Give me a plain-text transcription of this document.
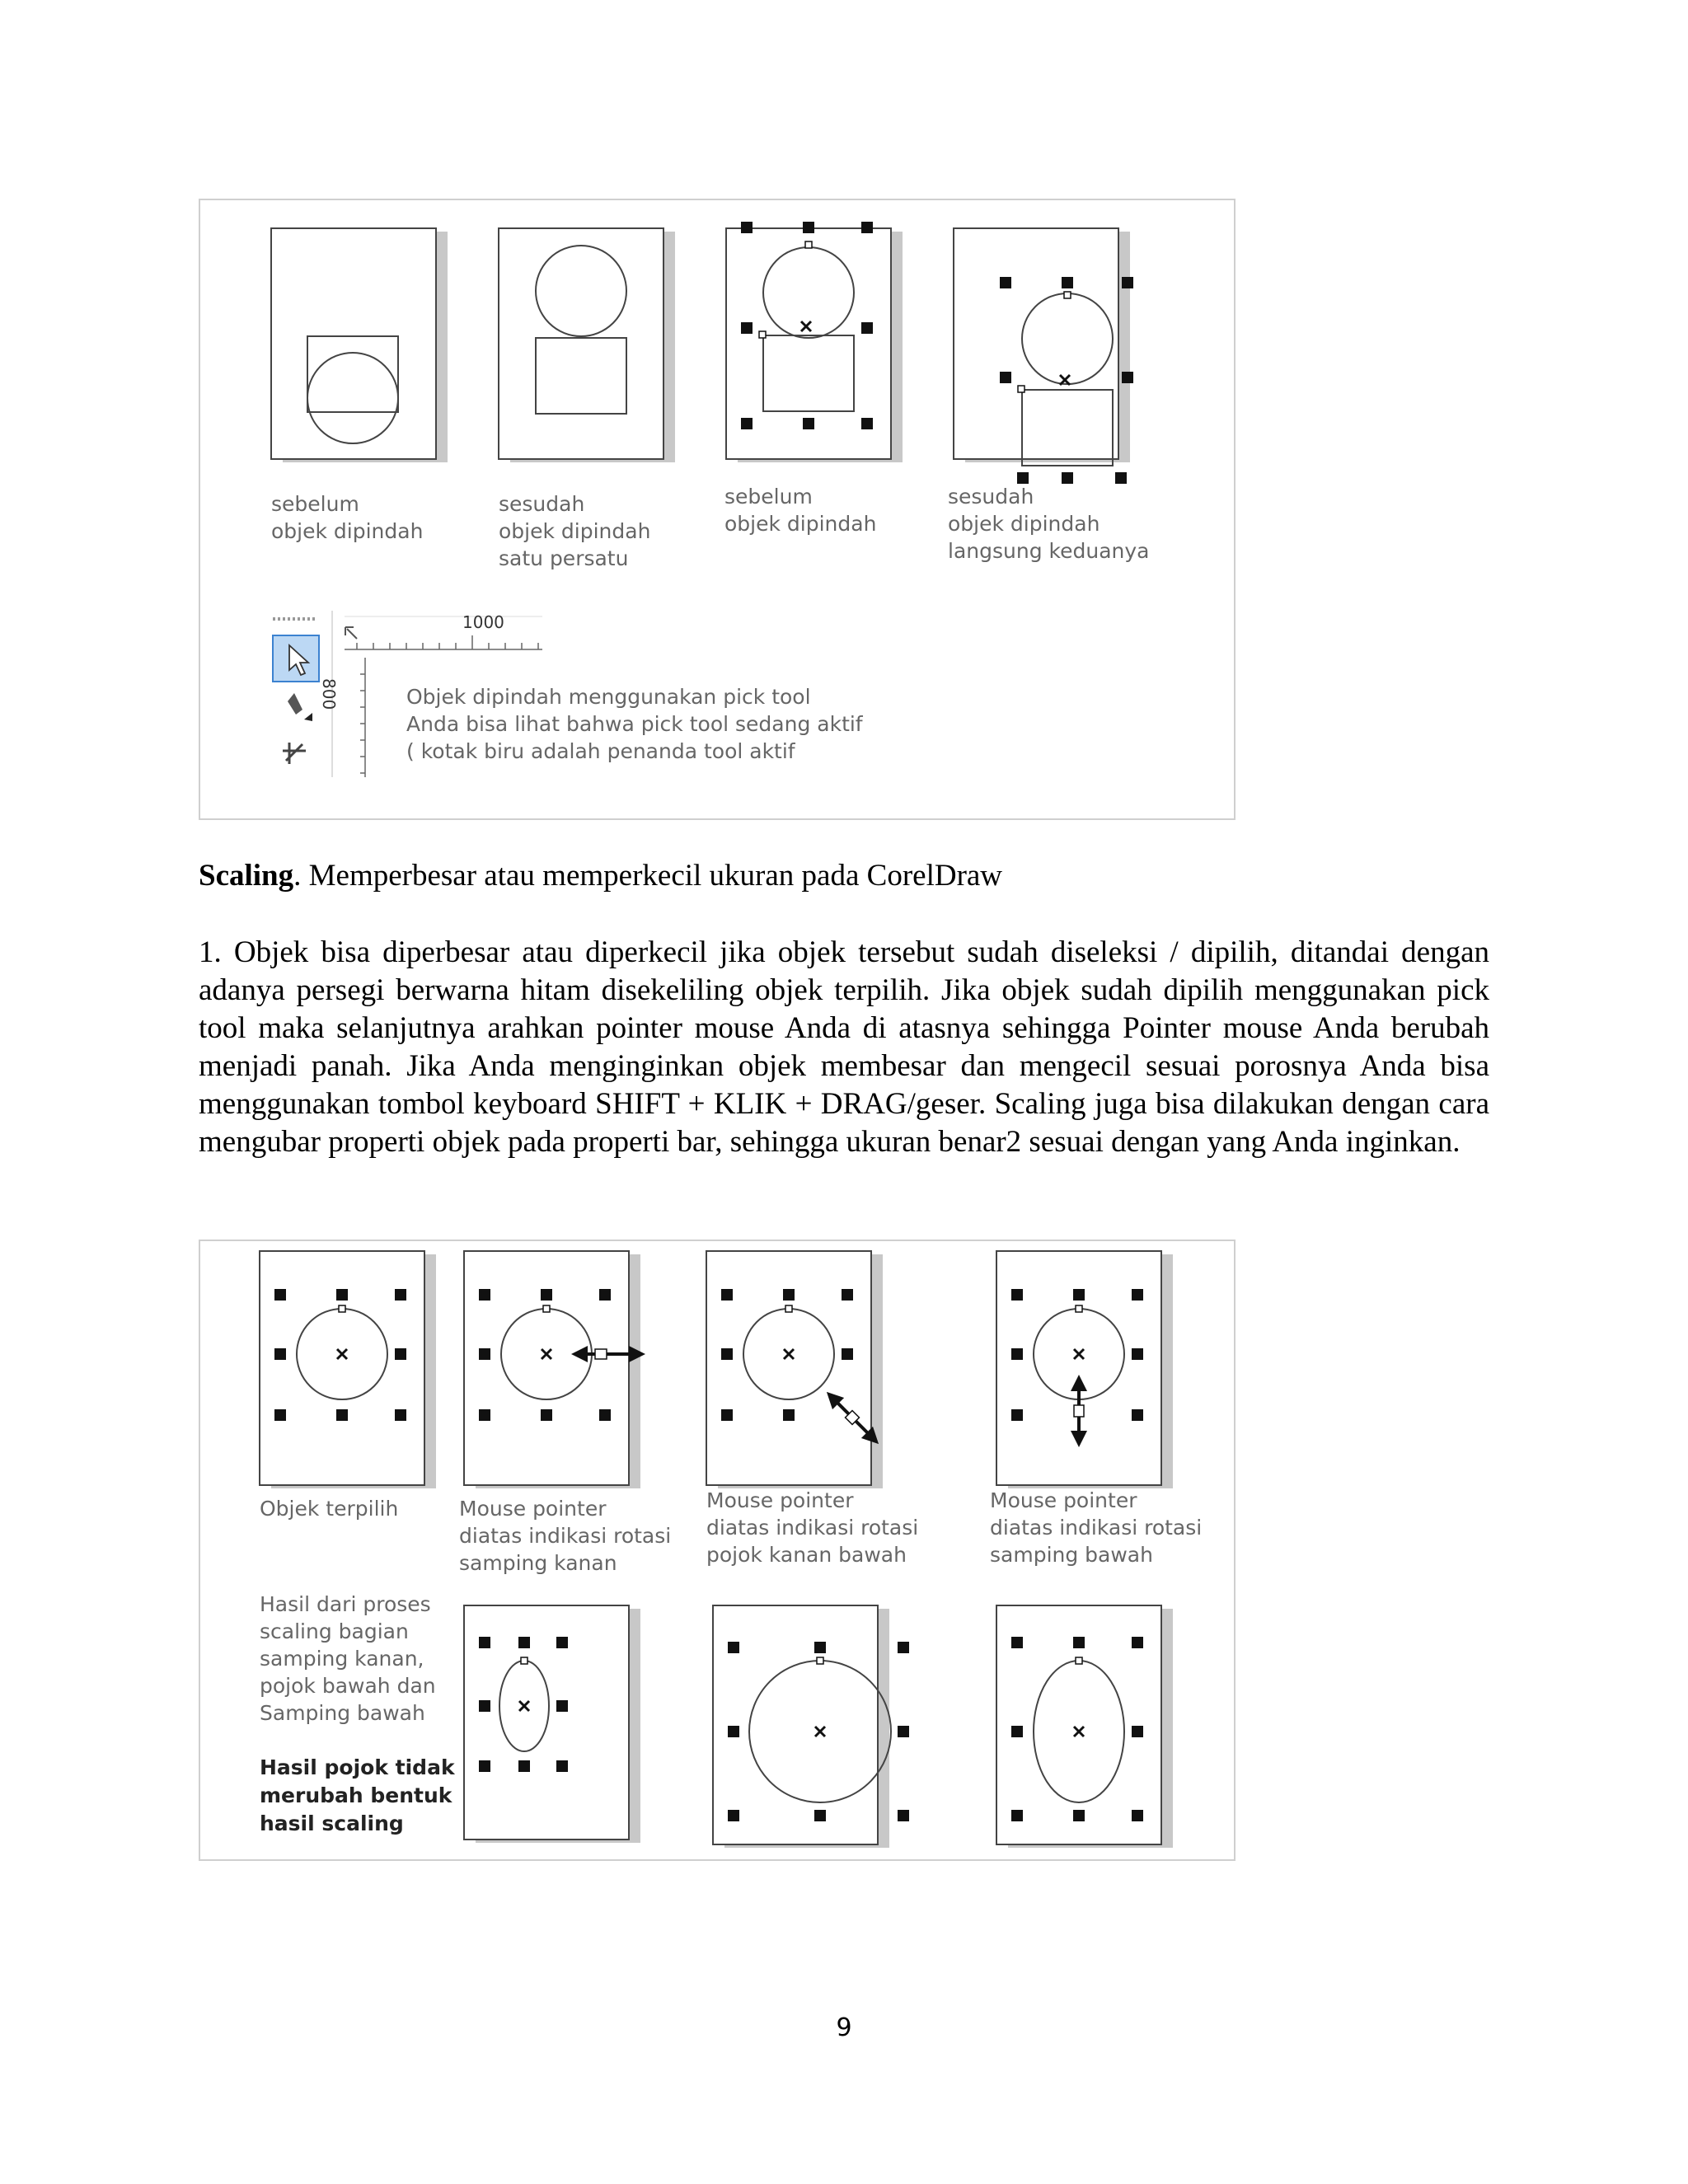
sebelum
objek dipindah
sesudah
objek dipindah
satu persatu
sebelum
objek dipindah
sesudah
objek dipindah
langsung keduanya
1000
800	Objek dipindah menggunakan pick tool
Anda bisa lihat bahwa pick tool sedang aktif
( kotak biru adalah penanda tool aktif
Scaling. Memperbesar atau memperkecil ukuran pada CorelDraw
1. Objek bisa diperbesar atau diperkecil jika objek tersebut sudah diseleksi / dipilih, ditandai dengan adanya persegi berwarna hitam disekeliling objek terpilih. Jika objek sudah dipilih menggunakan pick tool maka selanjutnya arahkan pointer mouse Anda di atasnya sehingga Pointer mouse Anda berubah menjadi panah. Jika Anda menginginkan objek membesar dan mengecil sesuai porosnya Anda bisa menggunakan tombol keyboard SHIFT + KLIK + DRAG/geser. Scaling juga bisa dilakukan dengan cara mengubar properti objek pada properti bar, sehingga ukuran benar2 sesuai dengan yang Anda inginkan.
Objek terpilih	Mouse pointer
diatas indikasi rotasi
samping kanan
Mouse pointer
diatas indikasi rotasi
pojok kanan bawah
Mouse pointer
diatas indikasi rotasi
samping bawah
Hasil dari proses
scaling bagian
samping kanan,
pojok bawah dan
Samping bawah
Hasil pojok tidak
merubah bentuk
hasil scaling
9
